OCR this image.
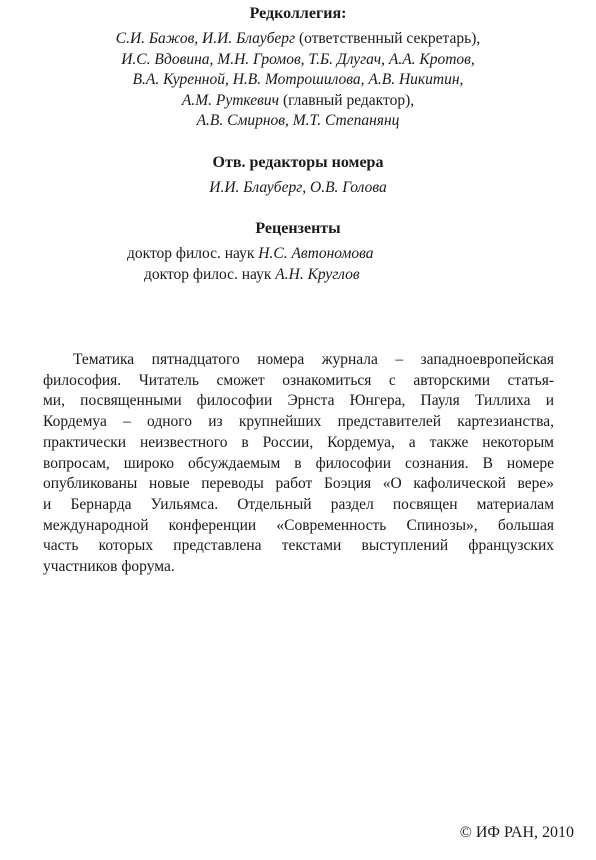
Редколлегия:

С.И. Бажов, И.И. Блауберг (ответственный секретарь),

И.С. Вдовина, М.Н. Громов, Т.Б. Длугач, А.А. Кротов,

В.А. Куренной, Н.В. Мотрошилова, А.В. Никитин,

А.М. Руткевич (главный редактор),

А.В. Смирнов, М.Т. Степанянц

Отв. редакторы номера

И.И. Блауберг, О.В. Голова

Рецензенты

доктор филос. наук Н.С. Автономова

доктор филос. наук А.Н. Круглов

Тематика пятнадцатого номера журнала – западноевропейская
философия. Читатель сможет ознакомиться с авторскими статья-
ми, посвященными философии Эрнста Юнгера, Пауля Тиллиха и
Кордемуа – одного из крупнейших представителей картезианства,
практически неизвестного в России, Кордемуа, а также некоторым
вопросам, широко обсуждаемым в философии сознания. В номере
опубликованы новые переводы работ Боэция «О кафолической вере»
и Бернарда Уильямса. Отдельный раздел посвящен материалам
международной конференции «Современность Спинозы», большая
часть которых представлена текстами выступлений французских
участников форума.
© ИФ РАН, 2010
